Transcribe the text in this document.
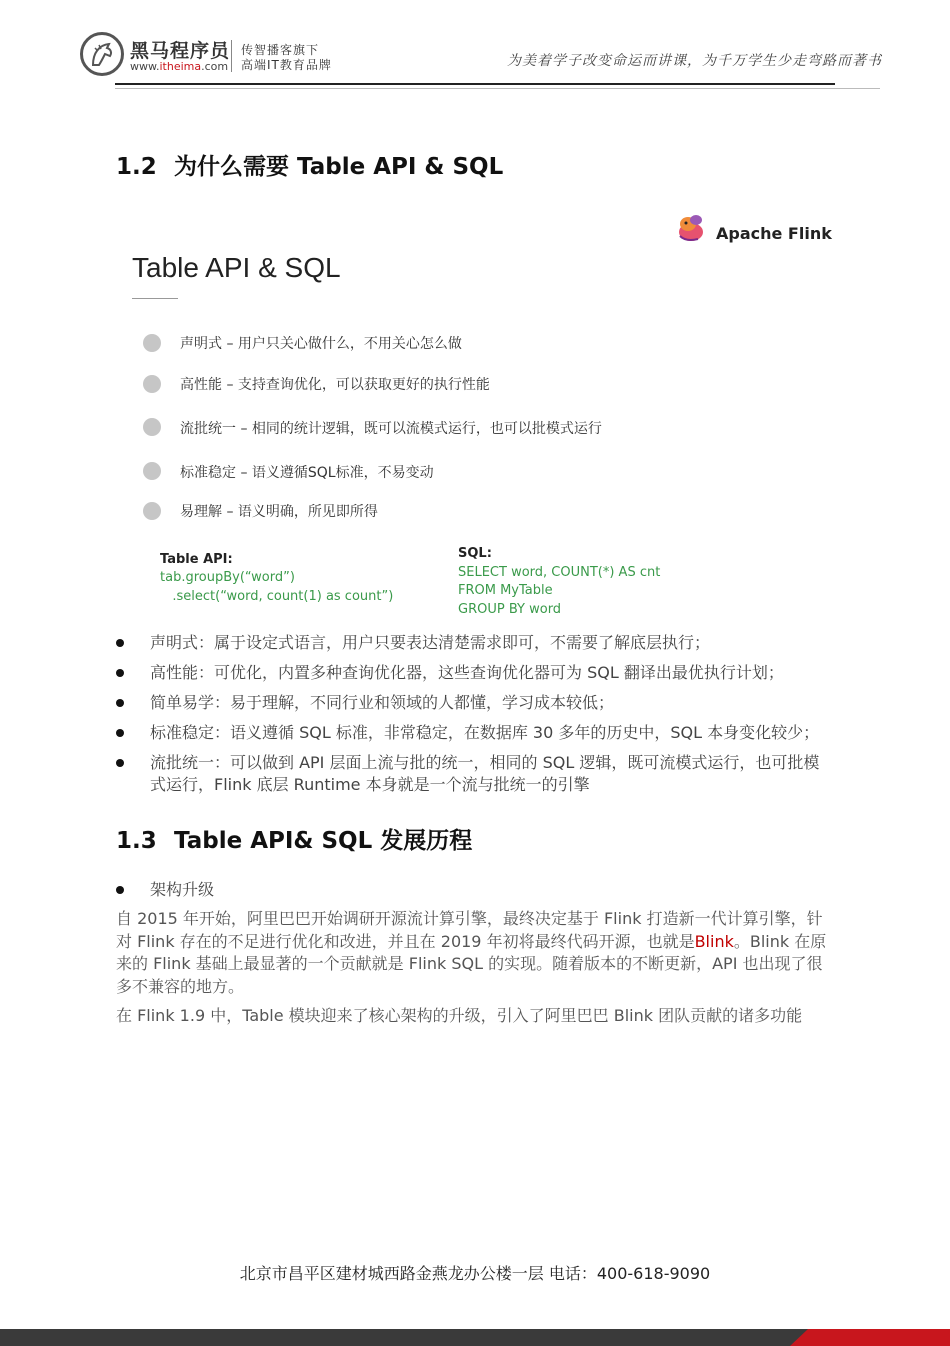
黑马程序员
www.itheima.com
传智播客旗下
高端IT教育品牌	为美着学子改变命运而讲课，为千万学生少走弯路而著书
1.2 为什么需要 Table API & SQL
Apache Flink
Table API & SQL
声明式 – 用户只关心做什么，不用关心怎么做
高性能 – 支持查询优化，可以获取更好的执行性能
流批统一 – 相同的统计逻辑，既可以流模式运行，也可以批模式运行
标准稳定 – 语义遵循SQL标准，不易变动
易理解 – 语义明确，所见即所得
Table API:
tab.groupBy(“word”)
.select(“word, count(1) as count”)
SQL:
SELECT word, COUNT(*) AS cnt
FROM MyTable
GROUP BY word
声明式：属于设定式语言，用户只要表达清楚需求即可，不需要了解底层执行；
高性能：可优化，内置多种查询优化器，这些查询优化器可为 SQL 翻译出最优执行计划；
简单易学：易于理解，不同行业和领域的人都懂，学习成本较低；
标准稳定：语义遵循 SQL 标准，非常稳定，在数据库 30 多年的历史中，SQL 本身变化较少；
流批统一：可以做到 API 层面上流与批的统一，相同的 SQL 逻辑，既可流模式运行，也可批模式运行，Flink 底层 Runtime 本身就是一个流与批统一的引擎
1.3 Table API& SQL 发展历程
架构升级
自 2015 年开始，阿里巴巴开始调研开源流计算引擎，最终决定基于 Flink 打造新一代计算引擎，针对 Flink 存在的不足进行优化和改进，并且在 2019 年初将最终代码开源，也就是Blink。Blink 在原来的 Flink 基础上最显著的一个贡献就是 Flink SQL 的实现。随着版本的不断更新，API 也出现了很多不兼容的地方。
在 Flink 1.9 中，Table 模块迎来了核心架构的升级，引入了阿里巴巴 Blink 团队贡献的诸多功能
北京市昌平区建材城西路金燕龙办公楼一层 电话：400-618-9090
